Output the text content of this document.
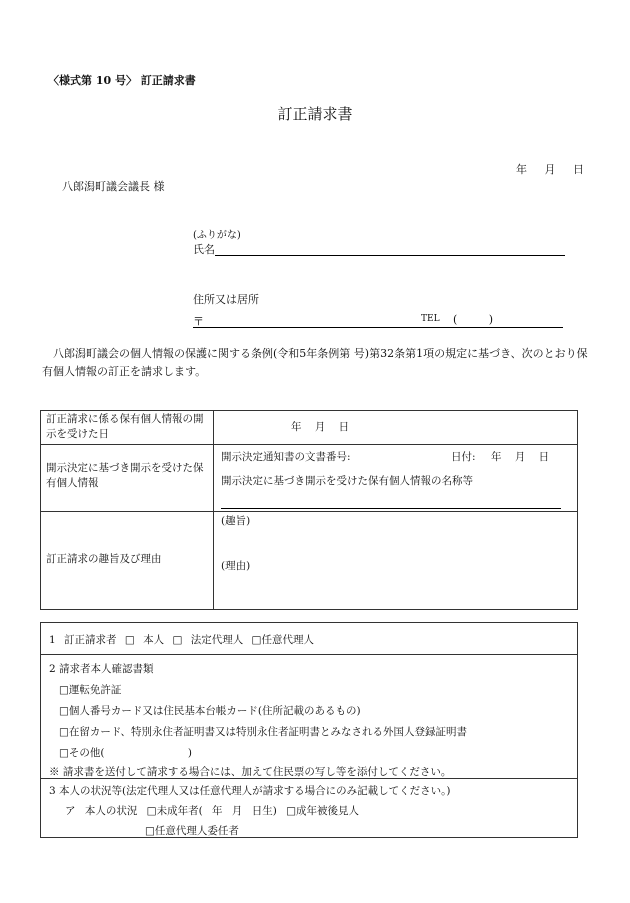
〈様式第 10 号〉 訂正請求書
訂正請求書
年 月 日
八郎潟町議会議長 様
(ふりがな)
氏名
住所又は居所
〒	TEL ( )
八郎潟町議会の個人情報の保護に関する条例(令和5年条例第 号)第32条第1項の規定に基づき、次のとおり保有個人情報の訂正を請求します。
訂正請求に係る保有個人情報の開示を受けた日
年 月 日
開示決定に基づき開示を受けた保有個人情報
開示決定通知書の文書番号:	日付: 年 月 日
開示決定に基づき開示を受けた保有個人情報の名称等
訂正請求の趣旨及び理由
(趣旨)
(理由)
1 訂正請求者 □ 本人 □ 法定代理人 □任意代理人
2 請求者本人確認書類
□運転免許証
□個人番号カード又は住民基本台帳カード(住所記載のあるもの)
□在留カード、特別永住者証明書又は特別永住者証明書とみなされる外国人登録証明書
□その他( )
※ 請求書を送付して請求する場合には、加えて住民票の写し等を添付してください。
3 本人の状況等(法定代理人又は任意代理人が請求する場合にのみ記載してください。)
ア 本人の状況 □未成年者( 年 月 日生) □成年被後見人
□任意代理人委任者
